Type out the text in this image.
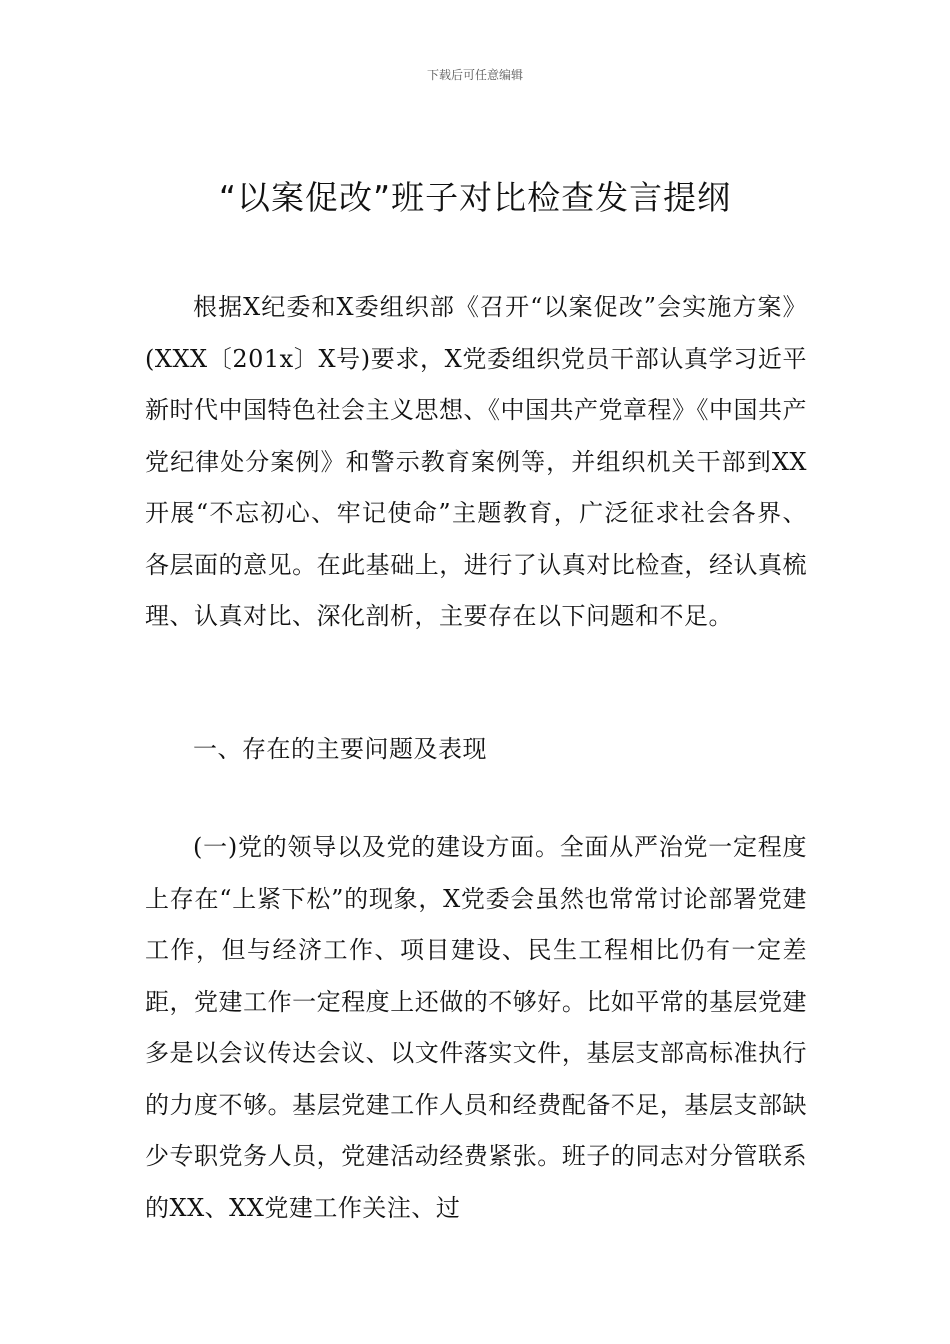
下载后可任意编辑
“以案促改”班子对比检查发言提纲

根据X纪委和X委组织部《召开“以案促改”会实施方案》(XXX〔201x〕X号)要求，X党委组织党员干部认真学习近平新时代中国特色社会主义思想、《中国共产党章程》《中国共产党纪律处分案例》和警示教育案例等，并组织机关干部到XX开展“不忘初心、牢记使命”主题教育，广泛征求社会各界、各层面的意见。在此基础上，进行了认真对比检查，经认真梳理、认真对比、深化剖析，主要存在以下问题和不足。

一、存在的主要问题及表现

(一)党的领导以及党的建设方面。全面从严治党一定程度上存在“上紧下松”的现象，X党委会虽然也常常讨论部署党建工作，但与经济工作、项目建设、民生工程相比仍有一定差距，党建工作一定程度上还做的不够好。比如平常的基层党建多是以会议传达会议、以文件落实文件，基层支部高标准执行的力度不够。基层党建工作人员和经费配备不足，基层支部缺少专职党务人员，党建活动经费紧张。班子的同志对分管联系的XX、XX党建工作关注、过
